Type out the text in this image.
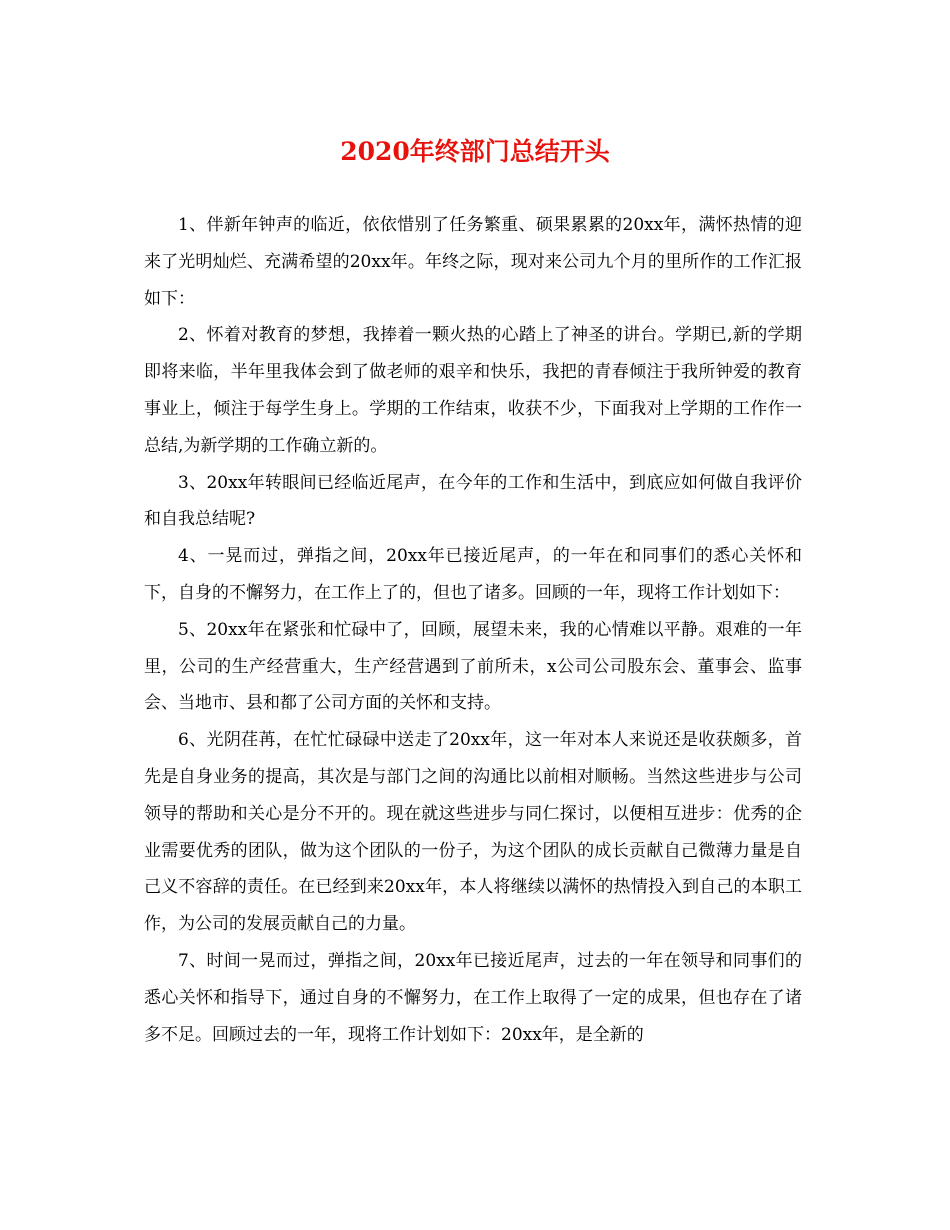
2020年终部门总结开头

1、伴新年钟声的临近，依依惜别了任务繁重、硕果累累的20xx年，满怀热情的迎来了光明灿烂、充满希望的20xx年。年终之际，现对来公司九个月的里所作的工作汇报如下：

2、怀着对教育的梦想，我捧着一颗火热的心踏上了神圣的讲台。学期已,新的学期即将来临，半年里我体会到了做老师的艰辛和快乐，我把的青春倾注于我所钟爱的教育事业上，倾注于每学生身上。学期的工作结束，收获不少，下面我对上学期的工作作一总结,为新学期的工作确立新的。

3、20xx年转眼间已经临近尾声，在今年的工作和生活中，到底应如何做自我评价和自我总结呢?

4、一晃而过，弹指之间，20xx年已接近尾声，的一年在和同事们的悉心关怀和下，自身的不懈努力，在工作上了的，但也了诸多。回顾的一年，现将工作计划如下：

5、20xx年在紧张和忙碌中了，回顾，展望未来，我的心情难以平静。艰难的一年里，公司的生产经营重大，生产经营遇到了前所未，x公司公司股东会、董事会、监事会、当地市、县和都了公司方面的关怀和支持。

6、光阴荏苒，在忙忙碌碌中送走了20xx年，这一年对本人来说还是收获颇多，首先是自身业务的提高，其次是与部门之间的沟通比以前相对顺畅。当然这些进步与公司领导的帮助和关心是分不开的。现在就这些进步与同仁探讨，以便相互进步：优秀的企业需要优秀的团队，做为这个团队的一份子，为这个团队的成长贡献自己微薄力量是自己义不容辞的责任。在已经到来20xx年，本人将继续以满怀的热情投入到自己的本职工作，为公司的发展贡献自己的力量。

7、时间一晃而过，弹指之间，20xx年已接近尾声，过去的一年在领导和同事们的悉心关怀和指导下，通过自身的不懈努力，在工作上取得了一定的成果，但也存在了诸多不足。回顾过去的一年，现将工作计划如下：20xx年，是全新的
